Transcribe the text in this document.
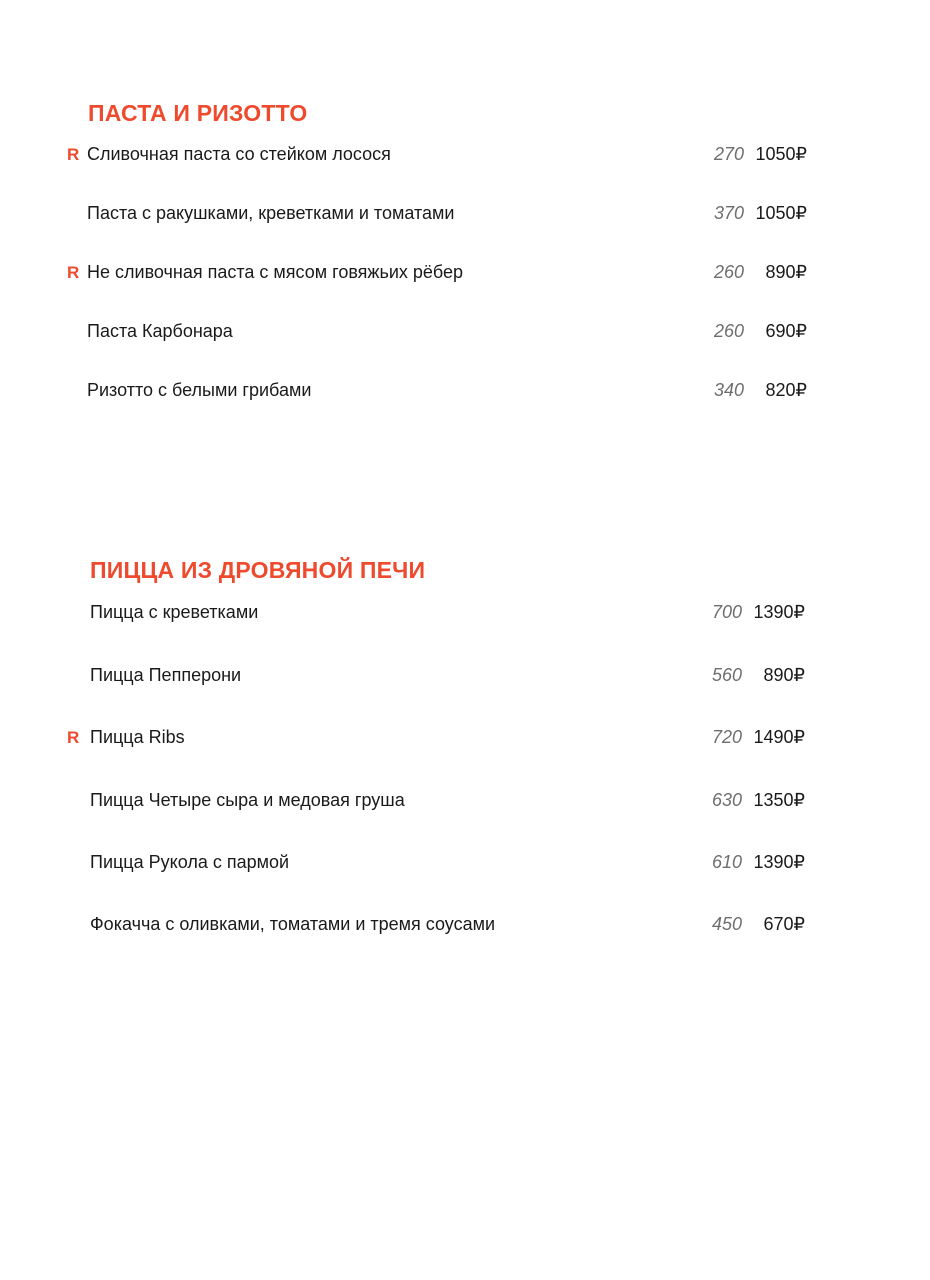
ПАСТА И РИЗОТТО
R Сливочная паста со стейком лосося	270 1050₽
Паста с ракушками, креветками и томатами	370 1050₽
R Не сливочная паста с мясом говяжьих рёбер	260	890₽
Паста Карбонара	260	690₽
Ризотто с белыми грибами	340	820₽
ПИЦЦА ИЗ ДРОВЯНОЙ ПЕЧИ
Пицца с креветками	700 1390₽
Пицца Пепперони	560	890₽
R Пицца Ribs	720 1490₽
Пицца Четыре сыра и медовая груша	630 1350₽
Пицца Рукола с пармой	610 1390₽
Фокачча с оливками, томатами и тремя соусами	450	670₽
